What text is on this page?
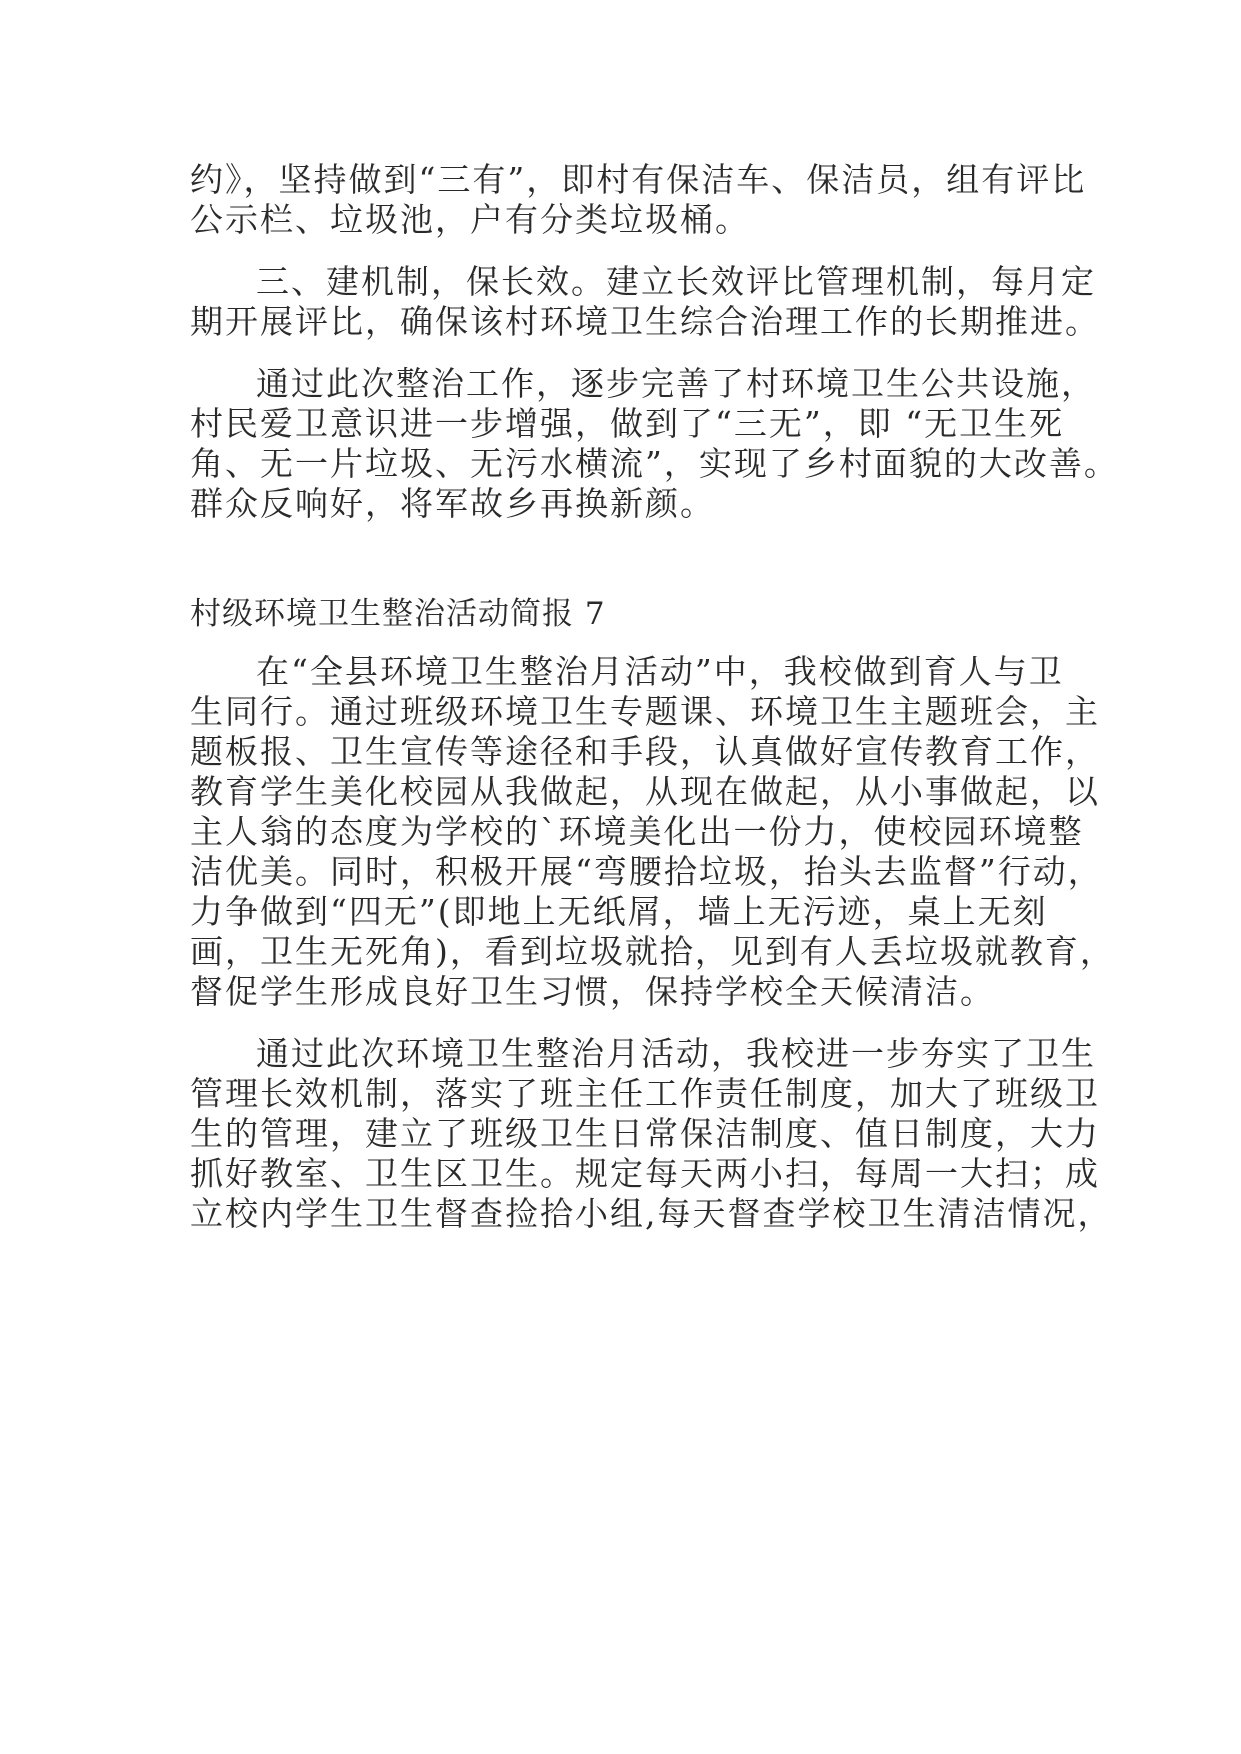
约》，坚持做到“三有”，即村有保洁车、保洁员，组有评比
公示栏、垃圾池，户有分类垃圾桶。
三、建机制，保长效。建立长效评比管理机制，每月定
期开展评比，确保该村环境卫生综合治理工作的长期推进。
通过此次整治工作，逐步完善了村环境卫生公共设施，
村民爱卫意识进一步增强，做到了“三无”，即 “无卫生死
角、无一片垃圾、无污水横流”，实现了乡村面貌的大改善。
群众反响好，将军故乡再换新颜。
村级环境卫生整治活动简报 7
在“全县环境卫生整治月活动”中，我校做到育人与卫
生同行。通过班级环境卫生专题课、环境卫生主题班会，主
题板报、卫生宣传等途径和手段，认真做好宣传教育工作，
教育学生美化校园从我做起，从现在做起，从小事做起，以
主人翁的态度为学校的`环境美化出一份力，使校园环境整
洁优美。同时，积极开展“弯腰拾垃圾，抬头去监督”行动，
力争做到“四无”(即地上无纸屑，墙上无污迹，桌上无刻
画，卫生无死角)，看到垃圾就拾，见到有人丢垃圾就教育，
督促学生形成良好卫生习惯，保持学校全天候清洁。
通过此次环境卫生整治月活动，我校进一步夯实了卫生
管理长效机制，落实了班主任工作责任制度，加大了班级卫
生的管理，建立了班级卫生日常保洁制度、值日制度，大力
抓好教室、卫生区卫生。规定每天两小扫，每周一大扫；成
立校内学生卫生督查捡拾小组,每天督查学校卫生清洁情况，
